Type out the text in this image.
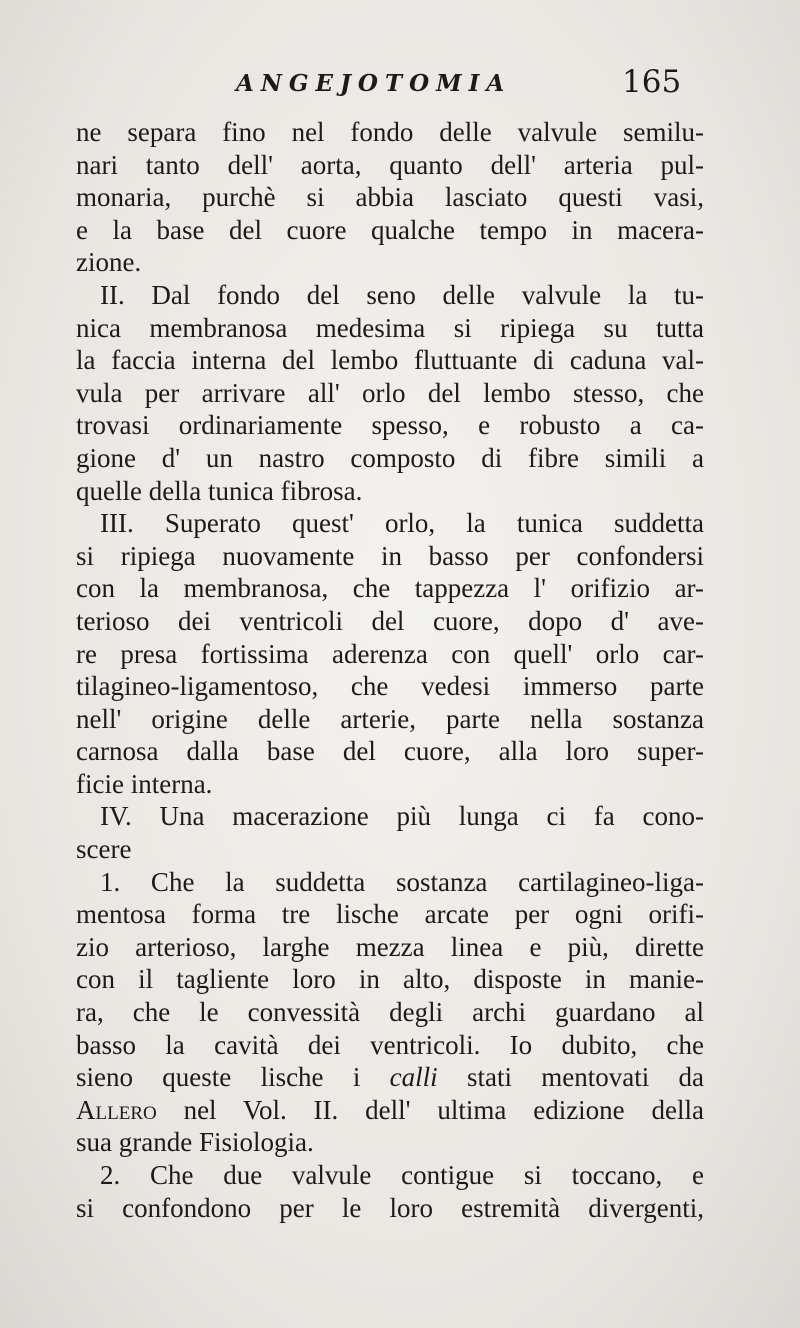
ANGEJOTOMIA	165
ne separa fino nel fondo delle valvule semilu-
nari tanto dell' aorta, quanto dell' arteria pul-
monaria, purchè si abbia lasciato questi vasi,
e la base del cuore qualche tempo in macera-
zione.
II. Dal fondo del seno delle valvule la tu-
nica membranosa medesima si ripiega su tutta
la faccia interna del lembo fluttuante di caduna val-
vula per arrivare all' orlo del lembo stesso, che
trovasi ordinariamente spesso, e robusto a ca-
gione d' un nastro composto di fibre simili a
quelle della tunica fibrosa.
III. Superato quest' orlo, la tunica suddetta
si ripiega nuovamente in basso per confondersi
con la membranosa, che tappezza l' orifizio ar-
terioso dei ventricoli del cuore, dopo d' ave-
re presa fortissima aderenza con quell' orlo car-
tilagineo-ligamentoso, che vedesi immerso parte
nell' origine delle arterie, parte nella sostanza
carnosa dalla base del cuore, alla loro super-
ficie interna.
IV. Una macerazione più lunga ci fa cono-
scere
1. Che la suddetta sostanza cartilagineo-liga-
mentosa forma tre lische arcate per ogni orifi-
zio arterioso, larghe mezza linea e più, dirette
con il tagliente loro in alto, disposte in manie-
ra, che le convessità degli archi guardano al
basso la cavità dei ventricoli. Io dubito, che
sieno queste lische i calli stati mentovati da
Allero nel Vol. II. dell' ultima edizione della
sua grande Fisiologia.
2. Che due valvule contigue si toccano, e
si confondono per le loro estremità divergenti,
